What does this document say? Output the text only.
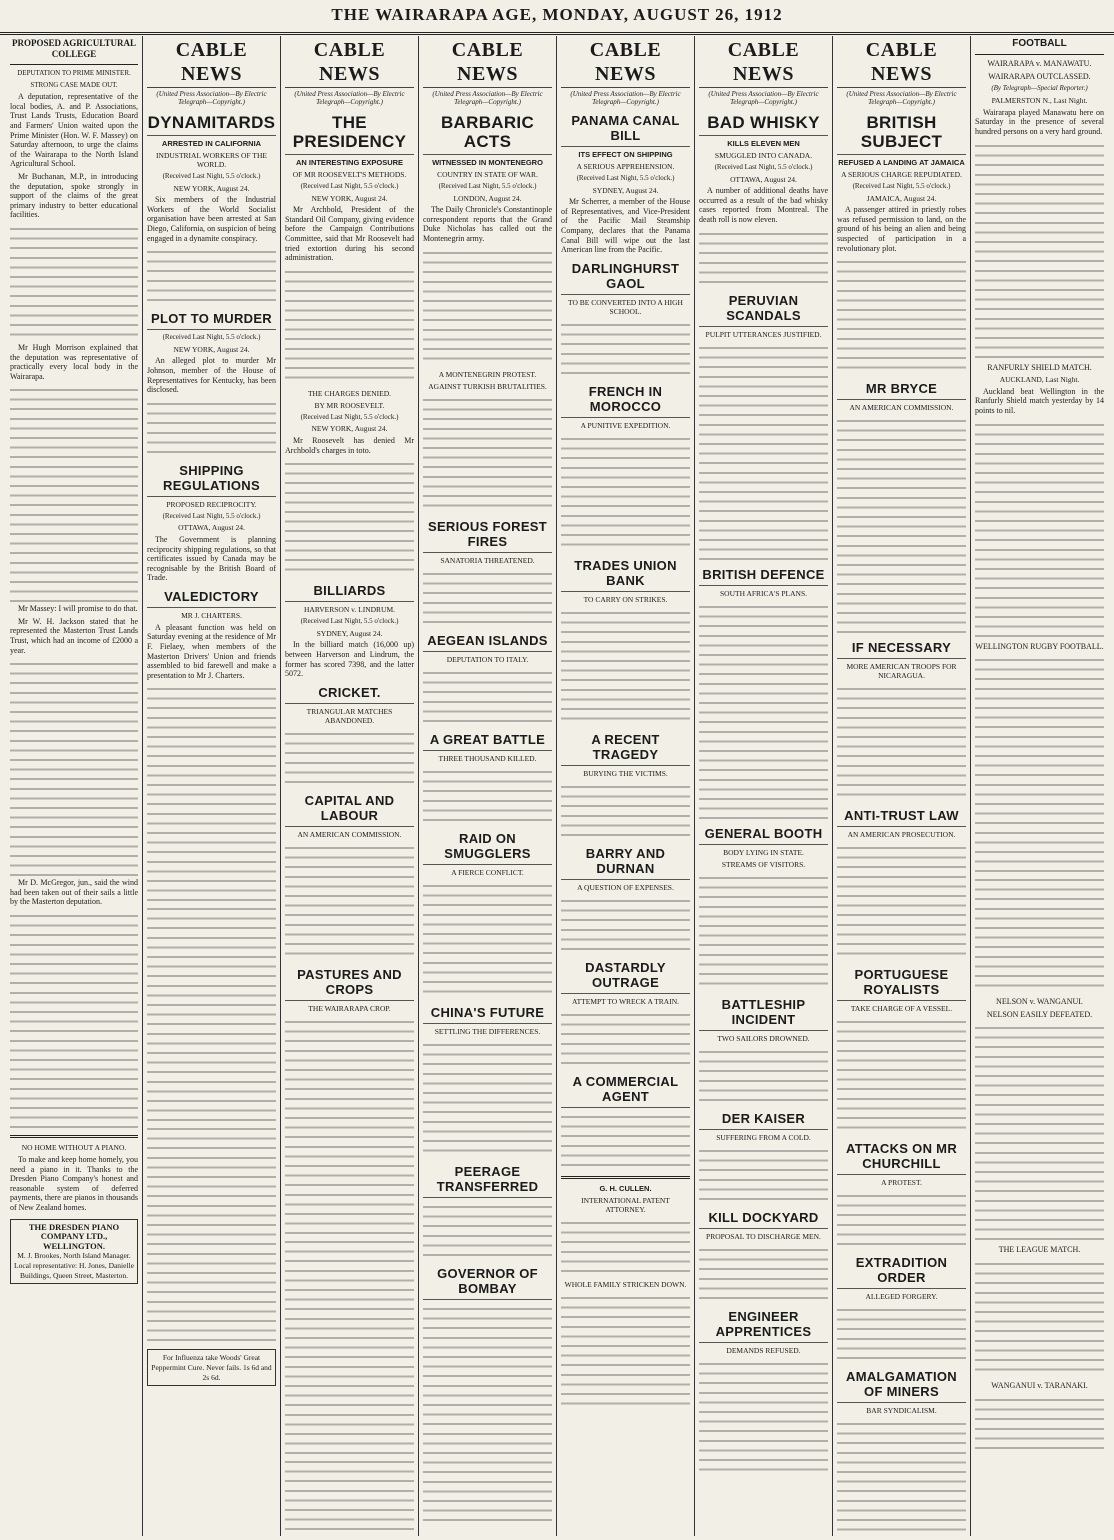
THE WAIRARAPA AGE, MONDAY, AUGUST 26, 1912
PROPOSED AGRICULTURAL COLLEGE
DEPUTATION TO PRIME MINISTER.
STRONG CASE MADE OUT.

A deputation, representative of the local bodies, A. and P. Associations, Trust Lands Trusts, Education Board and Farmers' Union waited upon the Prime Minister (Hon. W. F. Massey) on Saturday afternoon, to urge the claims of the Wairarapa to the North Island Agricultural School.

Mr Buchanan, M.P., in introducing the deputation, spoke strongly in support of the claims of the great primary industry to better educational facilities.

Mr Hugh Morrison explained that the deputation was representative of practically every local body in the Wairarapa.

Mr Massey: I will promise to do that.

Mr W. H. Jackson stated that he represented the Masterton Trust Lands Trust, which had an income of £2000 a year.

Mr D. McGregor, jun., said the wind had been taken out of their sails a little by the Masterton deputation.

NO HOME WITHOUT A PIANO.

To make and keep home homely, you need a piano in it. Thanks to the Dresden Piano Company's honest and reasonable system of deferred payments, there are pianos in thousands of New Zealand homes.

THE DRESDEN PIANO COMPANY LTD., WELLINGTON.
M. J. Brookes, North Island Manager. Local representative: H. Jones, Danielle Buildings, Queen Street, Masterton.
CABLE NEWS
(United Press Association—By Electric Telegraph—Copyright.)
DYNAMITARDS
ARRESTED IN CALIFORNIA
INDUSTRIAL WORKERS OF THE WORLD.
(Received Last Night, 5.5 o'clock.)
NEW YORK, August 24.

Six members of the Industrial Workers of the World Socialist organisation have been arrested at San Diego, California, on suspicion of being engaged in a dynamite conspiracy.

PLOT TO MURDER
(Received Last Night, 5.5 o'clock.)
NEW YORK, August 24.

An alleged plot to murder Mr Johnson, member of the House of Representatives for Kentucky, has been disclosed.

SHIPPING REGULATIONS
PROPOSED RECIPROCITY.
(Received Last Night, 5.5 o'clock.)
OTTAWA, August 24.

The Government is planning reciprocity shipping regulations, so that certificates issued by Canada may be recognisable by the British Board of Trade.

VALEDICTORY
MR J. CHARTERS.

A pleasant function was held on Saturday evening at the residence of Mr F. Fielaey, when members of the Masterton Drivers' Union and friends assembled to bid farewell and make a presentation to Mr J. Charters.

For Influenza take Woods' Great Peppermint Cure. Never fails. 1s 6d and 2s 6d.
CABLE NEWS
(United Press Association—By Electric Telegraph—Copyright.)
THE PRESIDENCY
AN INTERESTING EXPOSURE
OF MR ROOSEVELT'S METHODS.
(Received Last Night, 5.5 o'clock.)
NEW YORK, August 24.

Mr Archbold, President of the Standard Oil Company, giving evidence before the Campaign Contributions Committee, said that Mr Roosevelt had tried extortion during his second administration.

THE CHARGES DENIED.
BY MR ROOSEVELT.
(Received Last Night, 5.5 o'clock.)
NEW YORK, August 24.

Mr Roosevelt has denied Mr Archbold's charges in toto.

BILLIARDS
HARVERSON v. LINDRUM.
(Received Last Night, 5.5 o'clock.)
SYDNEY, August 24.

In the billiard match (16,000 up) between Harverson and Lindrum, the former has scored 7398, and the latter 5072.

CRICKET.
TRIANGULAR MATCHES ABANDONED.
CAPITAL AND LABOUR
AN AMERICAN COMMISSION.
PASTURES AND CROPS
THE WAIRARAPA CROP.
CABLE NEWS
(United Press Association—By Electric Telegraph—Copyright.)
BARBARIC ACTS
WITNESSED IN MONTENEGRO
COUNTRY IN STATE OF WAR.
(Received Last Night, 5.5 o'clock.)
LONDON, August 24.

The Daily Chronicle's Constantinople correspondent reports that the Grand Duke Nicholas has called out the Montenegrin army.

A MONTENEGRIN PROTEST.
AGAINST TURKISH BRUTALITIES.
SERIOUS FOREST FIRES
SANATORIA THREATENED.
AEGEAN ISLANDS
DEPUTATION TO ITALY.
A GREAT BATTLE
THREE THOUSAND KILLED.
RAID ON SMUGGLERS
A FIERCE CONFLICT.
CHINA'S FUTURE
SETTLING THE DIFFERENCES.
PEERAGE TRANSFERRED
GOVERNOR OF BOMBAY
CABLE NEWS
(United Press Association—By Electric Telegraph—Copyright.)
PANAMA CANAL BILL
ITS EFFECT ON SHIPPING
A SERIOUS APPREHENSION.
(Received Last Night, 5.5 o'clock.)
SYDNEY, August 24.

Mr Scherrer, a member of the House of Representatives, and Vice-President of the Pacific Mail Steamship Company, declares that the Panama Canal Bill will wipe out the last American line from the Pacific.

DARLINGHURST GAOL
TO BE CONVERTED INTO A HIGH SCHOOL.
FRENCH IN MOROCCO
A PUNITIVE EXPEDITION.
TRADES UNION BANK
TO CARRY ON STRIKES.
A RECENT TRAGEDY
BURYING THE VICTIMS.
BARRY AND DURNAN
A QUESTION OF EXPENSES.
DASTARDLY OUTRAGE
ATTEMPT TO WRECK A TRAIN.
A COMMERCIAL AGENT
G. H. CULLEN.
INTERNATIONAL PATENT ATTORNEY.
WHOLE FAMILY STRICKEN DOWN.
CABLE NEWS
(United Press Association—By Electric Telegraph—Copyright.)
BAD WHISKY
KILLS ELEVEN MEN
SMUGGLED INTO CANADA.
(Received Last Night, 5.5 o'clock.)
OTTAWA, August 24.

A number of additional deaths have occurred as a result of the bad whisky cases reported from Montreal. The death roll is now eleven.

PERUVIAN SCANDALS
PULPIT UTTERANCES JUSTIFIED.
BRITISH DEFENCE
SOUTH AFRICA'S PLANS.
GENERAL BOOTH
BODY LYING IN STATE.
STREAMS OF VISITORS.
BATTLESHIP INCIDENT
TWO SAILORS DROWNED.
DER KAISER
SUFFERING FROM A COLD.
KILL DOCKYARD
PROPOSAL TO DISCHARGE MEN.
ENGINEER APPRENTICES
DEMANDS REFUSED.
CABLE NEWS
(United Press Association—By Electric Telegraph—Copyright.)
BRITISH SUBJECT
REFUSED A LANDING AT JAMAICA
A SERIOUS CHARGE REPUDIATED.
(Received Last Night, 5.5 o'clock.)
JAMAICA, August 24.

A passenger attired in priestly robes was refused permission to land, on the ground of his being an alien and being suspected of participation in a revolutionary plot.

MR BRYCE
AN AMERICAN COMMISSION.
IF NECESSARY
MORE AMERICAN TROOPS FOR NICARAGUA.
ANTI-TRUST LAW
AN AMERICAN PROSECUTION.
PORTUGUESE ROYALISTS
TAKE CHARGE OF A VESSEL.
ATTACKS ON MR CHURCHILL
A PROTEST.
EXTRADITION ORDER
ALLEGED FORGERY.
AMALGAMATION OF MINERS
BAR SYNDICALISM.
FOOTBALL
WAIRARAPA v. MANAWATU.
WAIRARAPA OUTCLASSED.
(By Telegraph—Special Reporter.)
PALMERSTON N., Last Night.

Wairarapa played Manawatu here on Saturday in the presence of several hundred persons on a very hard ground.

RANFURLY SHIELD MATCH.
AUCKLAND, Last Night.

Auckland beat Wellington in the Ranfurly Shield match yesterday by 14 points to nil.

WELLINGTON RUGBY FOOTBALL.
NELSON v. WANGANUI.
NELSON EASILY DEFEATED.
THE LEAGUE MATCH.
WANGANUI v. TARANAKI.
